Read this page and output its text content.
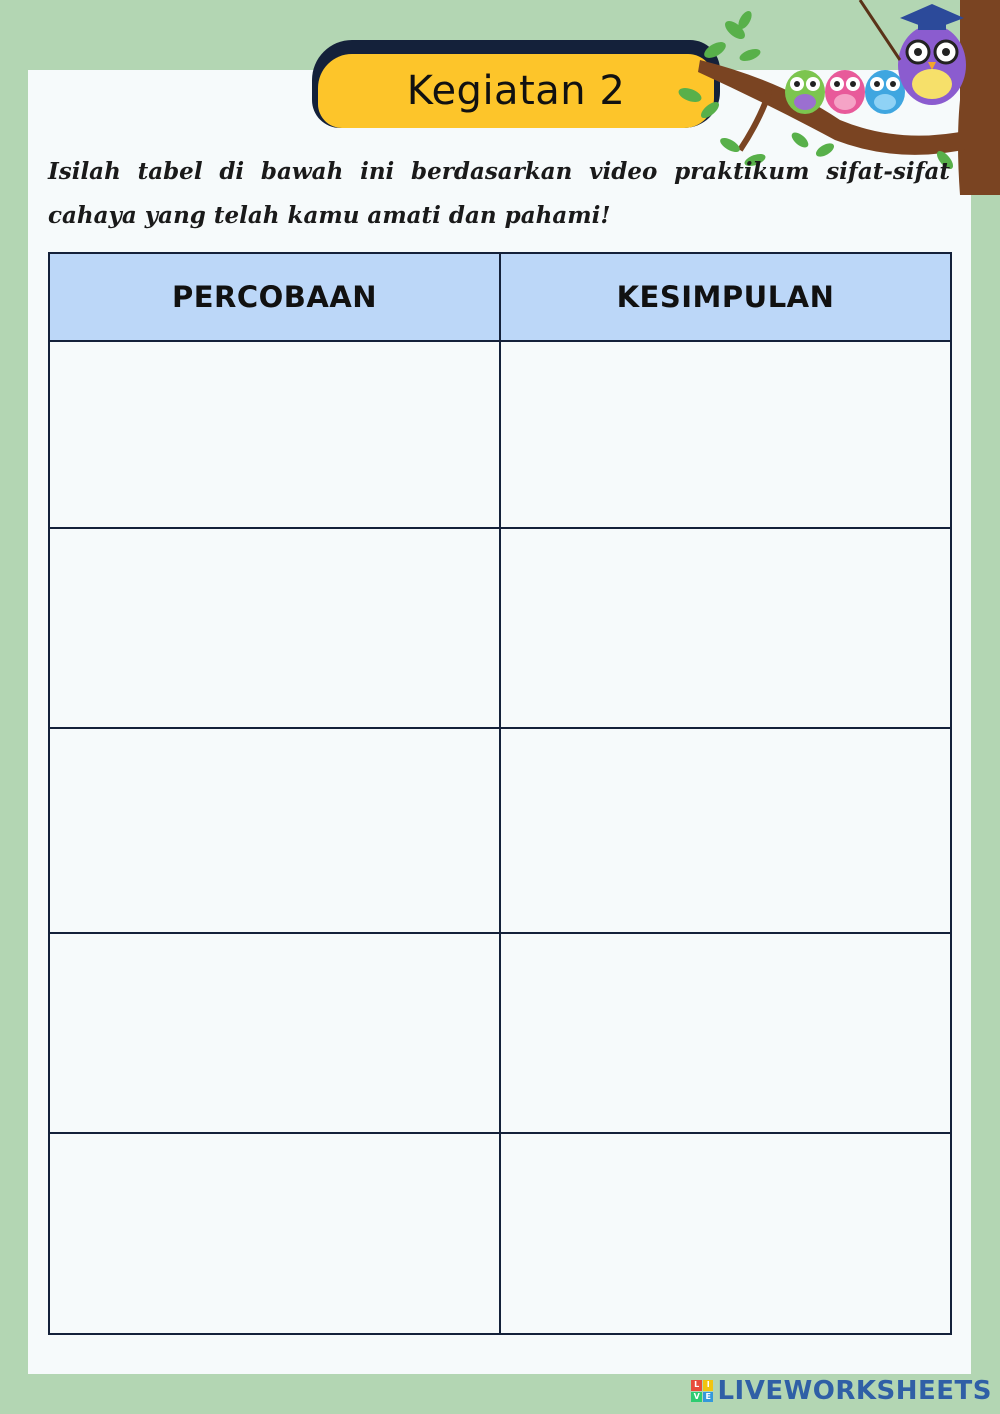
Kegiatan 2
Isilah tabel di bawah ini berdasarkan video praktikum sifat-sifat cahaya yang telah kamu amati dan pahami!
PERCOBAAN	KESIMPULAN

L I
V E LIVEWORKSHEETS
